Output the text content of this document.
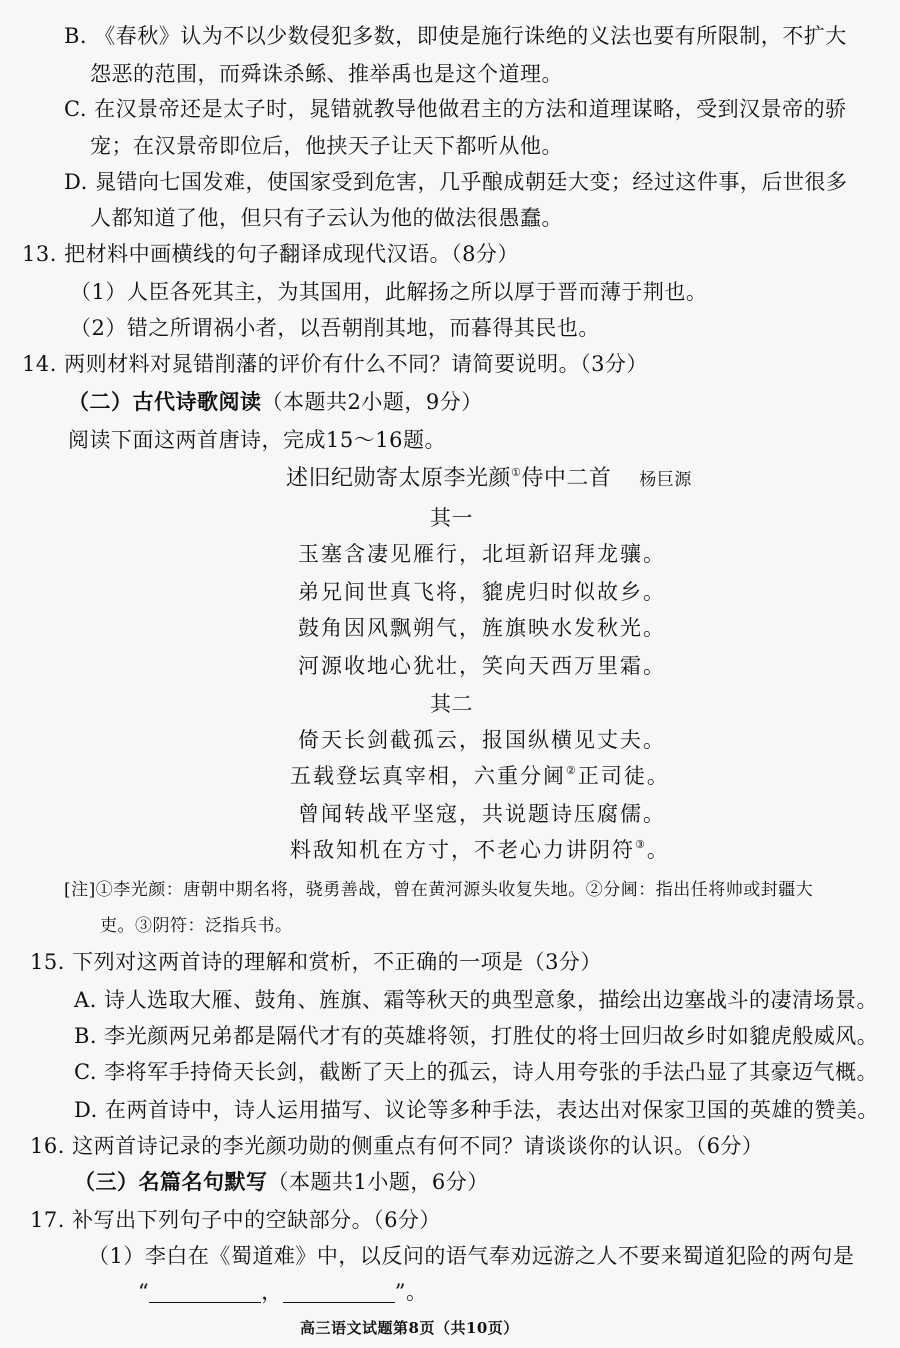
B. 《春秋》认为不以少数侵犯多数，即使是施行诛绝的义法也要有所限制，不扩大
怨恶的范围，而舜诛杀鲧、推举禹也是这个道理。
C. 在汉景帝还是太子时，晁错就教导他做君主的方法和道理谋略，受到汉景帝的骄
宠；在汉景帝即位后，他挟天子让天下都听从他。
D. 晁错向七国发难，使国家受到危害，几乎酿成朝廷大变；经过这件事，后世很多
人都知道了他，但只有子云认为他的做法很愚蠢。
13. 把材料中画横线的句子翻译成现代汉语。（8分）
（1）人臣各死其主，为其国用，此解扬之所以厚于晋而薄于荆也。
（2）错之所谓祸小者，以吾朝削其地，而暮得其民也。
14. 两则材料对晁错削藩的评价有什么不同？请简要说明。（3分）
（二）古代诗歌阅读（本题共2小题，9分）
阅读下面这两首唐诗，完成15～16题。
述旧纪勋寄太原李光颜①侍中二首 杨巨源
其一
玉塞含凄见雁行，北垣新诏拜龙骧。
弟兄间世真飞将，貔虎归时似故乡。
鼓角因风飘朔气，旌旗映水发秋光。
河源收地心犹壮，笑向天西万里霜。
其二
倚天长剑截孤云，报国纵横见丈夫。
五载登坛真宰相，六重分阃②正司徒。
曾闻转战平坚寇，共说题诗压腐儒。
料敌知机在方寸，不老心力讲阴符③。
[注]①李光颜：唐朝中期名将，骁勇善战，曾在黄河源头收复失地。②分阃：指出任将帅或封疆大
吏。③阴符：泛指兵书。
15. 下列对这两首诗的理解和赏析，不正确的一项是（3分）
A. 诗人选取大雁、鼓角、旌旗、霜等秋天的典型意象，描绘出边塞战斗的凄清场景。
B. 李光颜两兄弟都是隔代才有的英雄将领，打胜仗的将士回归故乡时如貔虎般威风。
C. 李将军手持倚天长剑，截断了天上的孤云，诗人用夸张的手法凸显了其豪迈气概。
D. 在两首诗中，诗人运用描写、议论等多种手法，表达出对保家卫国的英雄的赞美。
16. 这两首诗记录的李光颜功勋的侧重点有何不同？请谈谈你的认识。（6分）
（三）名篇名句默写（本题共1小题，6分）
17. 补写出下列句子中的空缺部分。（6分）
（1）李白在《蜀道难》中，以反问的语气奉劝远游之人不要来蜀道犯险的两句是
“	，	”。
高三语文试题第8页（共10页）
